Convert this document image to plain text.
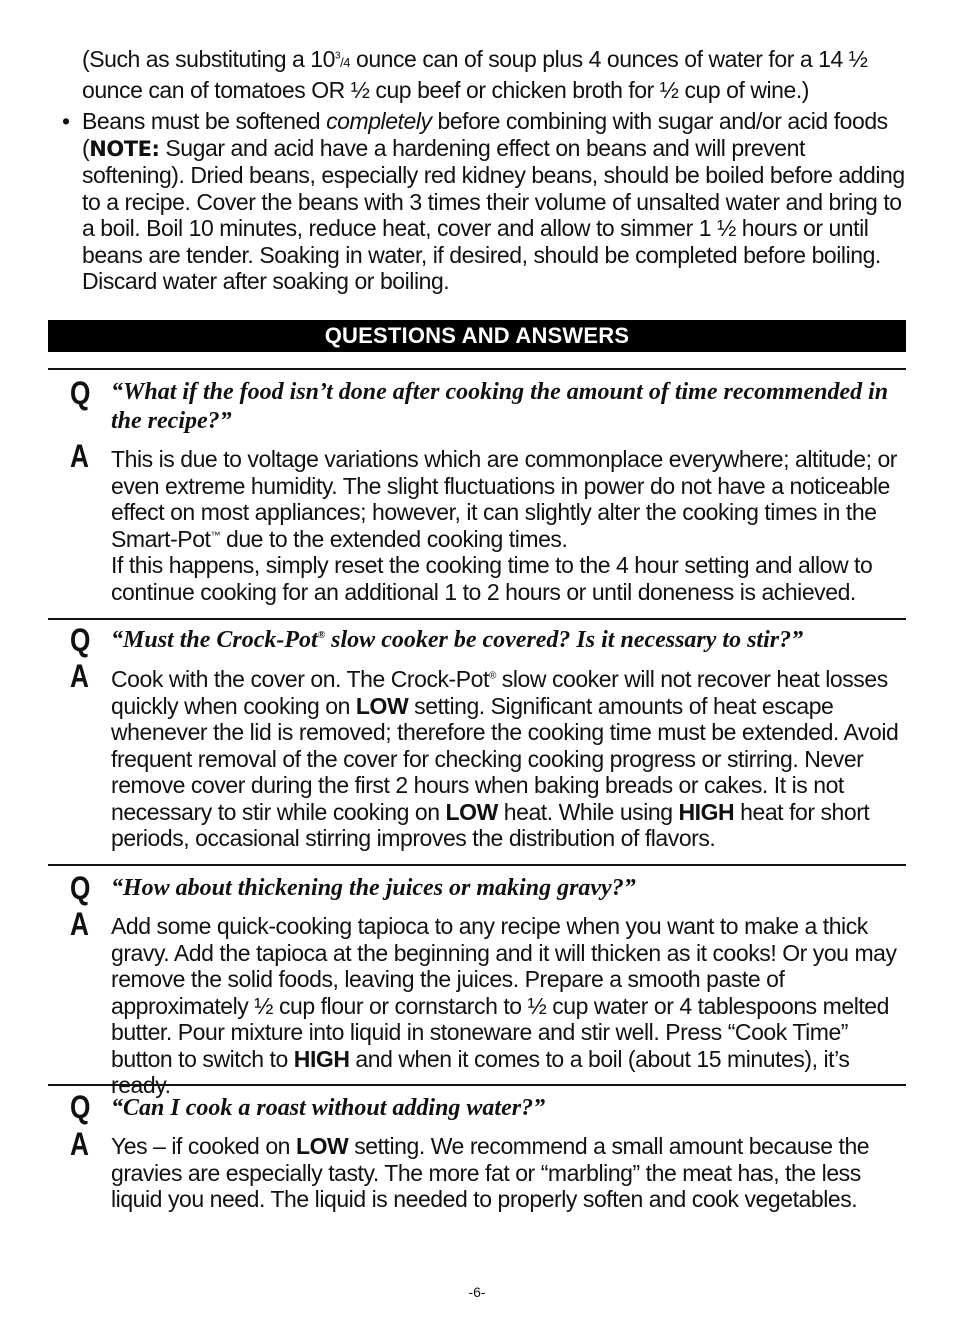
(Such as substituting a $10^3/4$ ounce can of soup plus 4 ounces of water for a 14 ½ ounce can of tomatoes OR ½ cup beef or chicken broth for ½ cup of wine.)

• Beans must be softened completely before combining with sugar and/or acid foods (NOTE: Sugar and acid have a hardening effect on beans and will prevent softening). Dried beans, especially red kidney beans, should be boiled before adding to a recipe. Cover the beans with 3 times their volume of unsalted water and bring to a boil. Boil 10 minutes, reduce heat, cover and allow to simmer 1 ½ hours or until beans are tender. Soaking in water, if desired, should be completed before boiling. Discard water after soaking or boiling.
QUESTIONS AND ANSWERS
Q “What if the food isn’t done after cooking the amount of time recommended in the recipe?”
A This is due to voltage variations which are commonplace everywhere; altitude; or even extreme humidity. The slight fluctuations in power do not have a noticeable effect on most appliances; however, it can slightly alter the cooking times in the Smart-Pot™ due to the extended cooking times.

If this happens, simply reset the cooking time to the 4 hour setting and allow to continue cooking for an additional 1 to 2 hours or until doneness is achieved.

Q “Must the Crock-Pot® slow cooker be covered? Is it necessary to stir?”
A Cook with the cover on. The Crock-Pot® slow cooker will not recover heat losses quickly when cooking on LOW setting. Significant amounts of heat escape whenever the lid is removed; therefore the cooking time must be extended. Avoid frequent removal of the cover for checking cooking progress or stirring. Never remove cover during the first 2 hours when baking breads or cakes. It is not necessary to stir while cooking on LOW heat. While using HIGH heat for short periods, occasional stirring improves the distribution of flavors.

Q “How about thickening the juices or making gravy?”
A Add some quick-cooking tapioca to any recipe when you want to make a thick gravy. Add the tapioca at the beginning and it will thicken as it cooks! Or you may remove the solid foods, leaving the juices. Prepare a smooth paste of approximately ½ cup flour or cornstarch to ½ cup water or 4 tablespoons melted butter. Pour mixture into liquid in stoneware and stir well. Press “Cook Time” button to switch to HIGH and when it comes to a boil (about 15 minutes), it’s ready.

Q “Can I cook a roast without adding water?”
A Yes – if cooked on LOW setting. We recommend a small amount because the gravies are especially tasty. The more fat or “marbling” the meat has, the less liquid you need. The liquid is needed to properly soften and cook vegetables.

-6-
